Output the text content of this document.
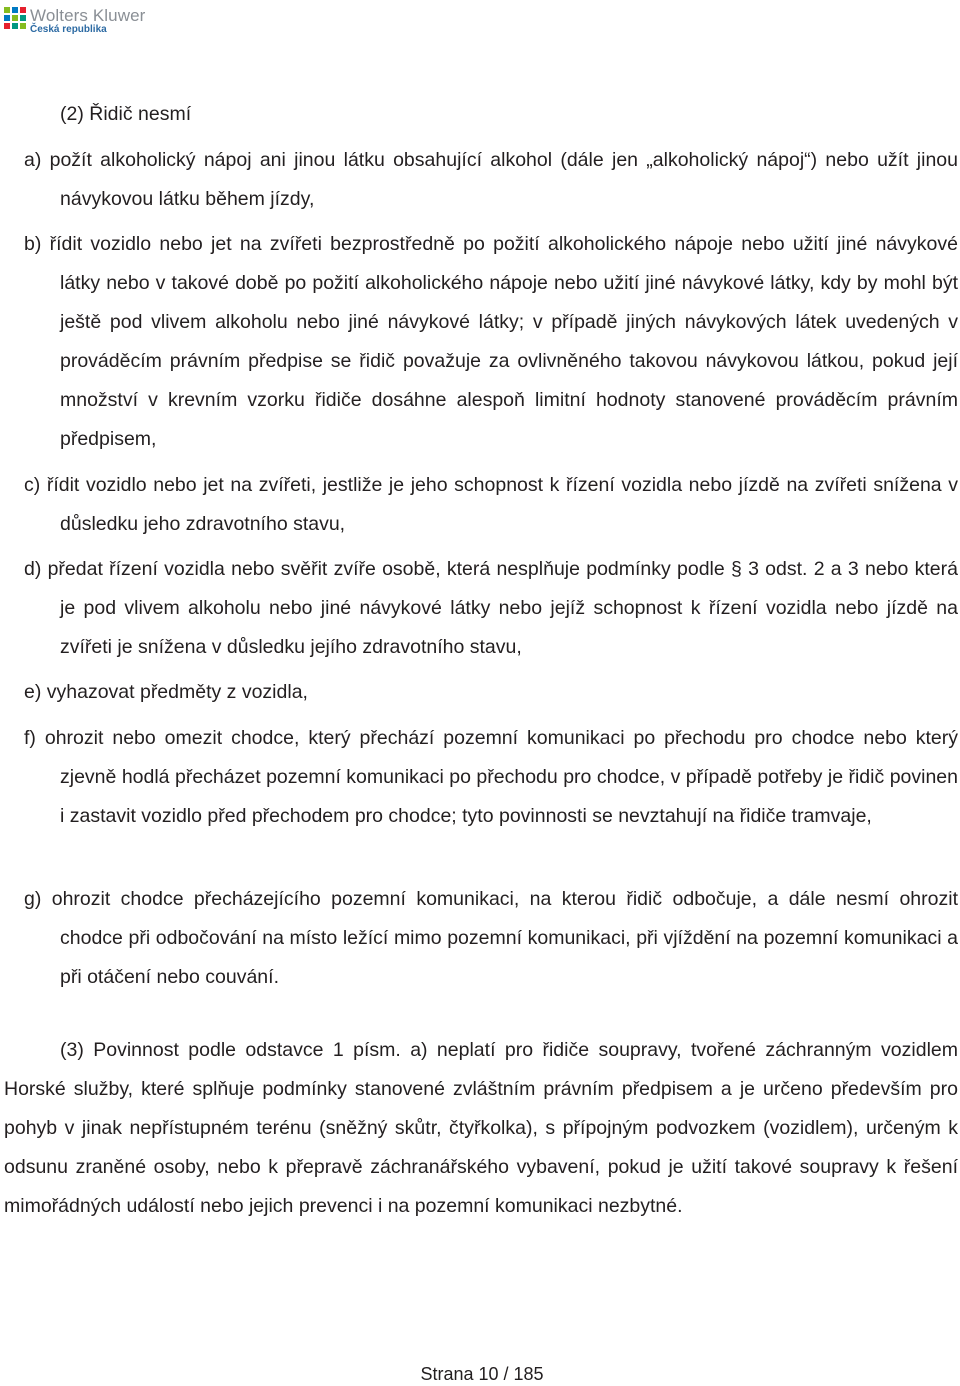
Wolters Kluwer
Česká republika

(2) Řidič nesmí

a) požít alkoholický nápoj ani jinou látku obsahující alkohol (dále jen „alkoholický nápoj“) nebo užít jinou návykovou látku během jízdy,

b) řídit vozidlo nebo jet na zvířeti bezprostředně po požití alkoholického nápoje nebo užití jiné návykové látky nebo v takové době po požití alkoholického nápoje nebo užití jiné návykové látky, kdy by mohl být ještě pod vlivem alkoholu nebo jiné návykové látky; v případě jiných návykových látek uvedených v prováděcím právním předpise se řidič považuje za ovlivněného takovou návykovou látkou, pokud její množství v krevním vzorku řidiče dosáhne alespoň limitní hodnoty stanovené prováděcím právním předpisem,

c) řídit vozidlo nebo jet na zvířeti, jestliže je jeho schopnost k řízení vozidla nebo jízdě na zvířeti snížena v důsledku jeho zdravotního stavu,

d) předat řízení vozidla nebo svěřit zvíře osobě, která nesplňuje podmínky podle § 3 odst. 2 a 3 nebo která je pod vlivem alkoholu nebo jiné návykové látky nebo jejíž schopnost k řízení vozidla nebo jízdě na zvířeti je snížena v důsledku jejího zdravotního stavu,

e) vyhazovat předměty z vozidla,

f) ohrozit nebo omezit chodce, který přechází pozemní komunikaci po přechodu pro chodce nebo který zjevně hodlá přecházet pozemní komunikaci po přechodu pro chodce, v případě potřeby je řidič povinen i zastavit vozidlo před přechodem pro chodce; tyto povinnosti se nevztahují na řidiče tramvaje,

g) ohrozit chodce přecházejícího pozemní komunikaci, na kterou řidič odbočuje, a dále nesmí ohrozit chodce při odbočování na místo ležící mimo pozemní komunikaci, při vjíždění na pozemní komunikaci a při otáčení nebo couvání.

(3) Povinnost podle odstavce 1 písm. a) neplatí pro řidiče soupravy, tvořené záchranným vozidlem Horské služby, které splňuje podmínky stanovené zvláštním právním předpisem a je určeno především pro pohyb v jinak nepřístupném terénu (sněžný skůtr, čtyřkolka), s přípojným podvozkem (vozidlem), určeným k odsunu zraněné osoby, nebo k přepravě záchranářského vybavení, pokud je užití takové soupravy k řešení mimořádných událostí nebo jejich prevenci i na pozemní komunikaci nezbytné.

Strana 10 / 185
